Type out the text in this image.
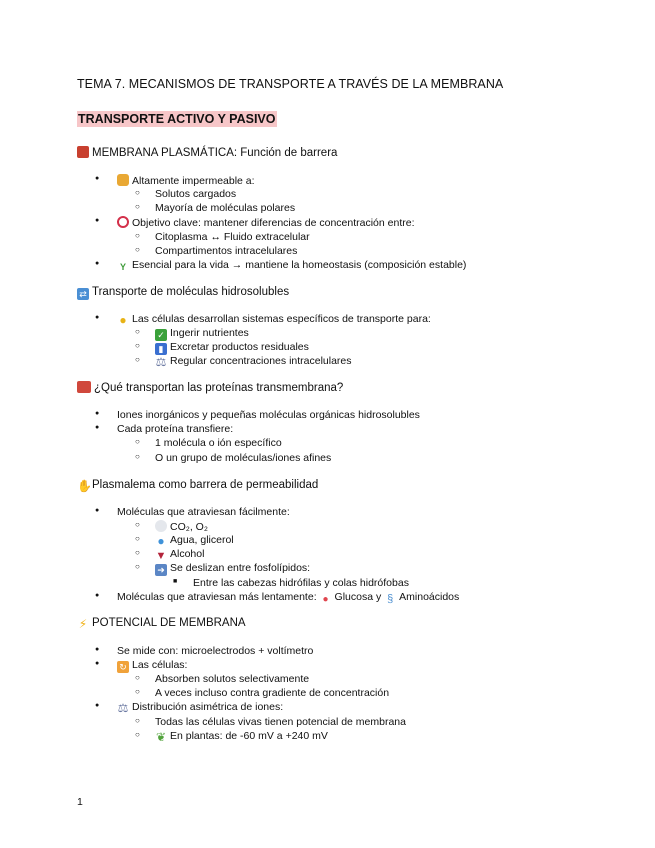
TEMA 7. MECANISMOS DE TRANSPORTE A TRAVÉS DE LA MEMBRANA
TRANSPORTE ACTIVO Y PASIVO
MEMBRANA PLASMÁTICA: Función de barrera
● Altamente impermeable a:
○ Solutos cargados
○ Mayoría de moléculas polares
● Objetivo clave: mantener diferencias de concentración entre:
○ Citoplasma ↔ Fluido extracelular
○ Compartimentos intracelulares
● Y Esencial para la vida → mantiene la homeostasis (composición estable)
⇄ Transporte de moléculas hidrosolubles
● ● Las células desarrollan sistemas específicos de transporte para:
○ ✓ Ingerir nutrientes
○ ▮ Excretar productos residuales
○ ⚖ Regular concentraciones intracelulares
¿Qué transportan las proteínas transmembrana?
● Iones inorgánicos y pequeñas moléculas orgánicas hidrosolubles
● Cada proteína transfiere:
○ 1 molécula o ión específico
○ O un grupo de moléculas/iones afines
✋Plasmalema como barrera de permeabilidad
● Moléculas que atraviesan fácilmente:
○ CO₂, O₂
○ ● Agua, glicerol
○ ▼ Alcohol
○ ➜ Se deslizan entre fosfolípidos:
■ Entre las cabezas hidrófilas y colas hidrófobas
● Moléculas que atraviesan más lentamente: ● Glucosa y § Aminoácidos
⚡ POTENCIAL DE MEMBRANA
● Se mide con: microelectrodos + voltímetro
● ↻ Las células:
○ Absorben solutos selectivamente
○ A veces incluso contra gradiente de concentración
● ⚖ Distribución asimétrica de iones:
○ Todas las células vivas tienen potencial de membrana
○ ❦ En plantas: de -60 mV a +240 mV
1
